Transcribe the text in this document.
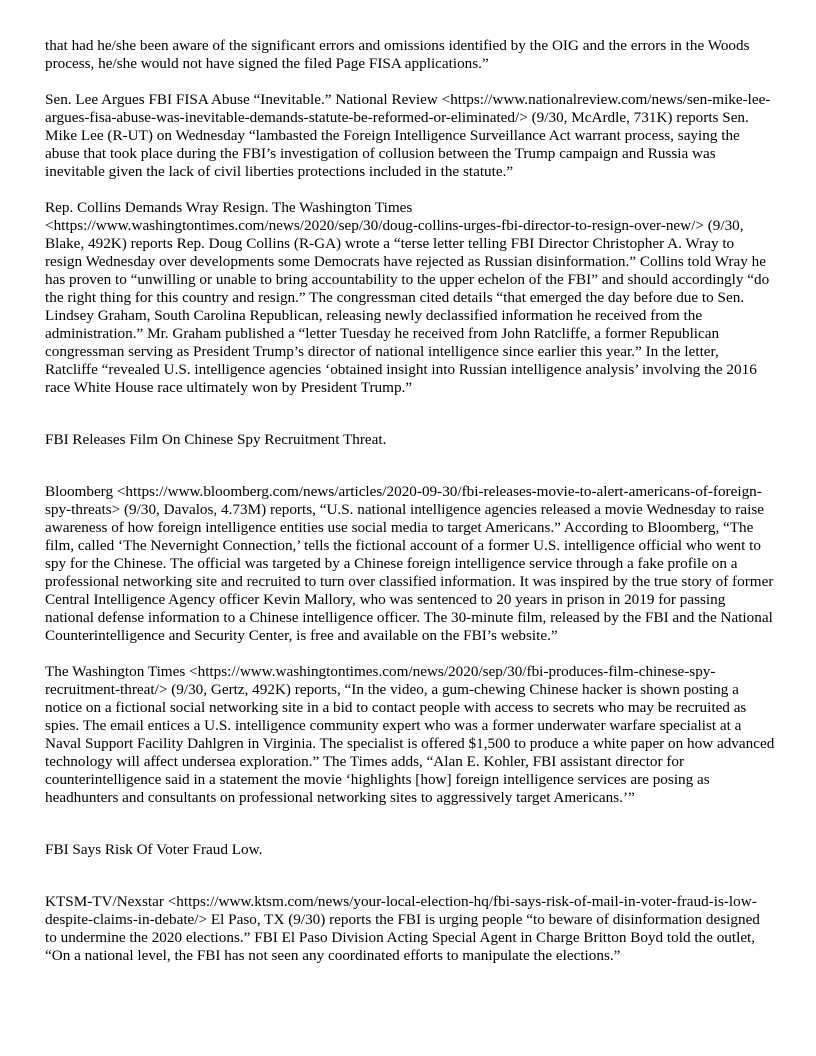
that had he/she been aware of the significant errors and omissions identified by the OIG and the errors in the Woods process, he/she would not have signed the filed Page FISA applications.”

Sen. Lee Argues FBI FISA Abuse “Inevitable.” National Review <https://www.nationalreview.com/news/sen-mike-lee-argues-fisa-abuse-was-inevitable-demands-statute-be-reformed-or-eliminated/> (9/30, McArdle, 731K) reports Sen. Mike Lee (R-UT) on Wednesday “lambasted the Foreign Intelligence Surveillance Act warrant process, saying the abuse that took place during the FBI’s investigation of collusion between the Trump campaign and Russia was inevitable given the lack of civil liberties protections included in the statute.”

Rep. Collins Demands Wray Resign. The Washington Times <https://www.washingtontimes.com/news/2020/sep/30/doug-collins-urges-fbi-director-to-resign-over-new/> (9/30, Blake, 492K) reports Rep. Doug Collins (R-GA) wrote a “terse letter telling FBI Director Christopher A. Wray to resign Wednesday over developments some Democrats have rejected as Russian disinformation.” Collins told Wray he has proven to “unwilling or unable to bring accountability to the upper echelon of the FBI” and should accordingly “do the right thing for this country and resign.” The congressman cited details “that emerged the day before due to Sen. Lindsey Graham, South Carolina Republican, releasing newly declassified information he received from the administration.” Mr. Graham published a “letter Tuesday he received from John Ratcliffe, a former Republican congressman serving as President Trump’s director of national intelligence since earlier this year.” In the letter, Ratcliffe “revealed U.S. intelligence agencies ‘obtained insight into Russian intelligence analysis’ involving the 2016 race White House race ultimately won by President Trump.”

FBI Releases Film On Chinese Spy Recruitment Threat.

Bloomberg <https://www.bloomberg.com/news/articles/2020-09-30/fbi-releases-movie-to-alert-americans-of-foreign-spy-threats> (9/30, Davalos, 4.73M) reports, “U.S. national intelligence agencies released a movie Wednesday to raise awareness of how foreign intelligence entities use social media to target Americans.” According to Bloomberg, “The film, called ‘The Nevernight Connection,’ tells the fictional account of a former U.S. intelligence official who went to spy for the Chinese. The official was targeted by a Chinese foreign intelligence service through a fake profile on a professional networking site and recruited to turn over classified information. It was inspired by the true story of former Central Intelligence Agency officer Kevin Mallory, who was sentenced to 20 years in prison in 2019 for passing national defense information to a Chinese intelligence officer. The 30-minute film, released by the FBI and the National Counterintelligence and Security Center, is free and available on the FBI’s website.”

The Washington Times <https://www.washingtontimes.com/news/2020/sep/30/fbi-produces-film-chinese-spy-recruitment-threat/> (9/30, Gertz, 492K) reports, “In the video, a gum-chewing Chinese hacker is shown posting a notice on a fictional social networking site in a bid to contact people with access to secrets who may be recruited as spies. The email entices a U.S. intelligence community expert who was a former underwater warfare specialist at a Naval Support Facility Dahlgren in Virginia. The specialist is offered $1,500 to produce a white paper on how advanced technology will affect undersea exploration.” The Times adds, “Alan E. Kohler, FBI assistant director for counterintelligence said in a statement the movie ‘highlights [how] foreign intelligence services are posing as headhunters and consultants on professional networking sites to aggressively target Americans.’”

FBI Says Risk Of Voter Fraud Low.

KTSM-TV/Nexstar <https://www.ktsm.com/news/your-local-election-hq/fbi-says-risk-of-mail-in-voter-fraud-is-low-despite-claims-in-debate/> El Paso, TX (9/30) reports the FBI is urging people “to beware of disinformation designed to undermine the 2020 elections.” FBI El Paso Division Acting Special Agent in Charge Britton Boyd told the outlet, “On a national level, the FBI has not seen any coordinated efforts to manipulate the elections.”
